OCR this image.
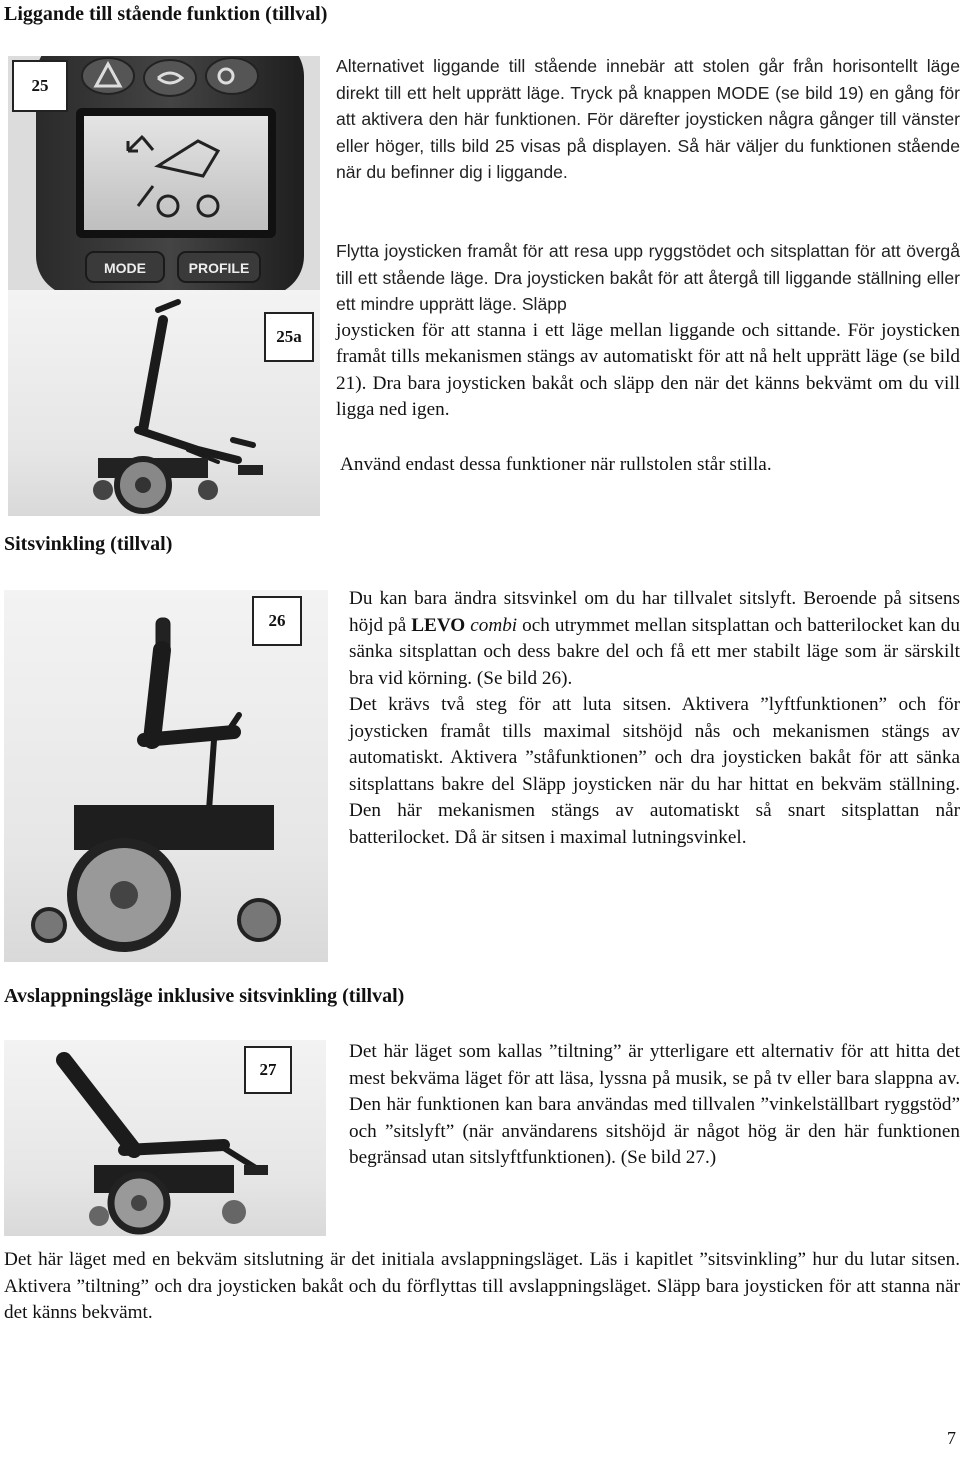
Liggande till stående funktion (tillval)
MODE	PROFILE
25
25a

Alternativet liggande till stående innebär att stolen går från horisontellt läge direkt till ett helt upprätt läge. Tryck på knappen MODE (se bild 19) en gång för att aktivera den här funktionen. För därefter joysticken några gånger till vänster eller höger, tills bild 25 visas på displayen. Så här väljer du funktionen stående när du befinner dig i liggande.

Flytta joysticken framåt för att resa upp ryggstödet och sitsplattan för att övergå till ett stående läge. Dra joysticken bakåt för att återgå till liggande ställning eller ett mindre upprätt läge. Släpp

joysticken för att stanna i ett läge mellan liggande och sittande. För joysticken framåt tills mekanismen stängs av automatiskt för att nå helt upprätt läge (se bild 21). Dra bara joysticken bakåt och släpp den när det känns bekvämt om du vill ligga ned igen.

Använd endast dessa funktioner när rullstolen står stilla.

Sitsvinkling (tillval)
26

Du kan bara ändra sitsvinkel om du har tillvalet sitslyft. Beroende på sitsens höjd på LEVO combi och utrymmet mellan sitsplattan och batterilocket kan du sänka sitsplattan och dess bakre del och få ett mer stabilt läge som är särskilt bra vid körning. (Se bild 26).

Det krävs två steg för att luta sitsen. Aktivera ”lyftfunktionen” och för joysticken framåt tills maximal sitshöjd nås och mekanismen stängs av automatiskt. Aktivera ”ståfunktionen” och dra joysticken bakåt för att sänka sitsplattans bakre del Släpp joysticken när du har hittat en bekväm ställning. Den här mekanismen stängs av automatiskt så snart sitsplattan når batterilocket. Då är sitsen i maximal lutningsvinkel.

Avslappningsläge inklusive sitsvinkling (tillval)
27

Det här läget som kallas ”tiltning” är ytterligare ett alternativ för att hitta det mest bekväma läget för att läsa, lyssna på musik, se på tv eller bara slappna av. Den här funktionen kan bara användas med tillvalen ”vinkelställbart ryggstöd” och ”sitslyft” (när användarens sitshöjd är något hög är den här funktionen begränsad utan sitslyftfunktionen). (Se bild 27.)

Det här läget med en bekväm sitslutning är det initiala avslappningsläget. Läs i kapitlet ”sitsvinkling” hur du lutar sitsen. Aktivera ”tiltning” och dra joysticken bakåt och du förflyttas till avslappningsläget. Släpp bara joysticken för att stanna när det känns bekvämt.

7
